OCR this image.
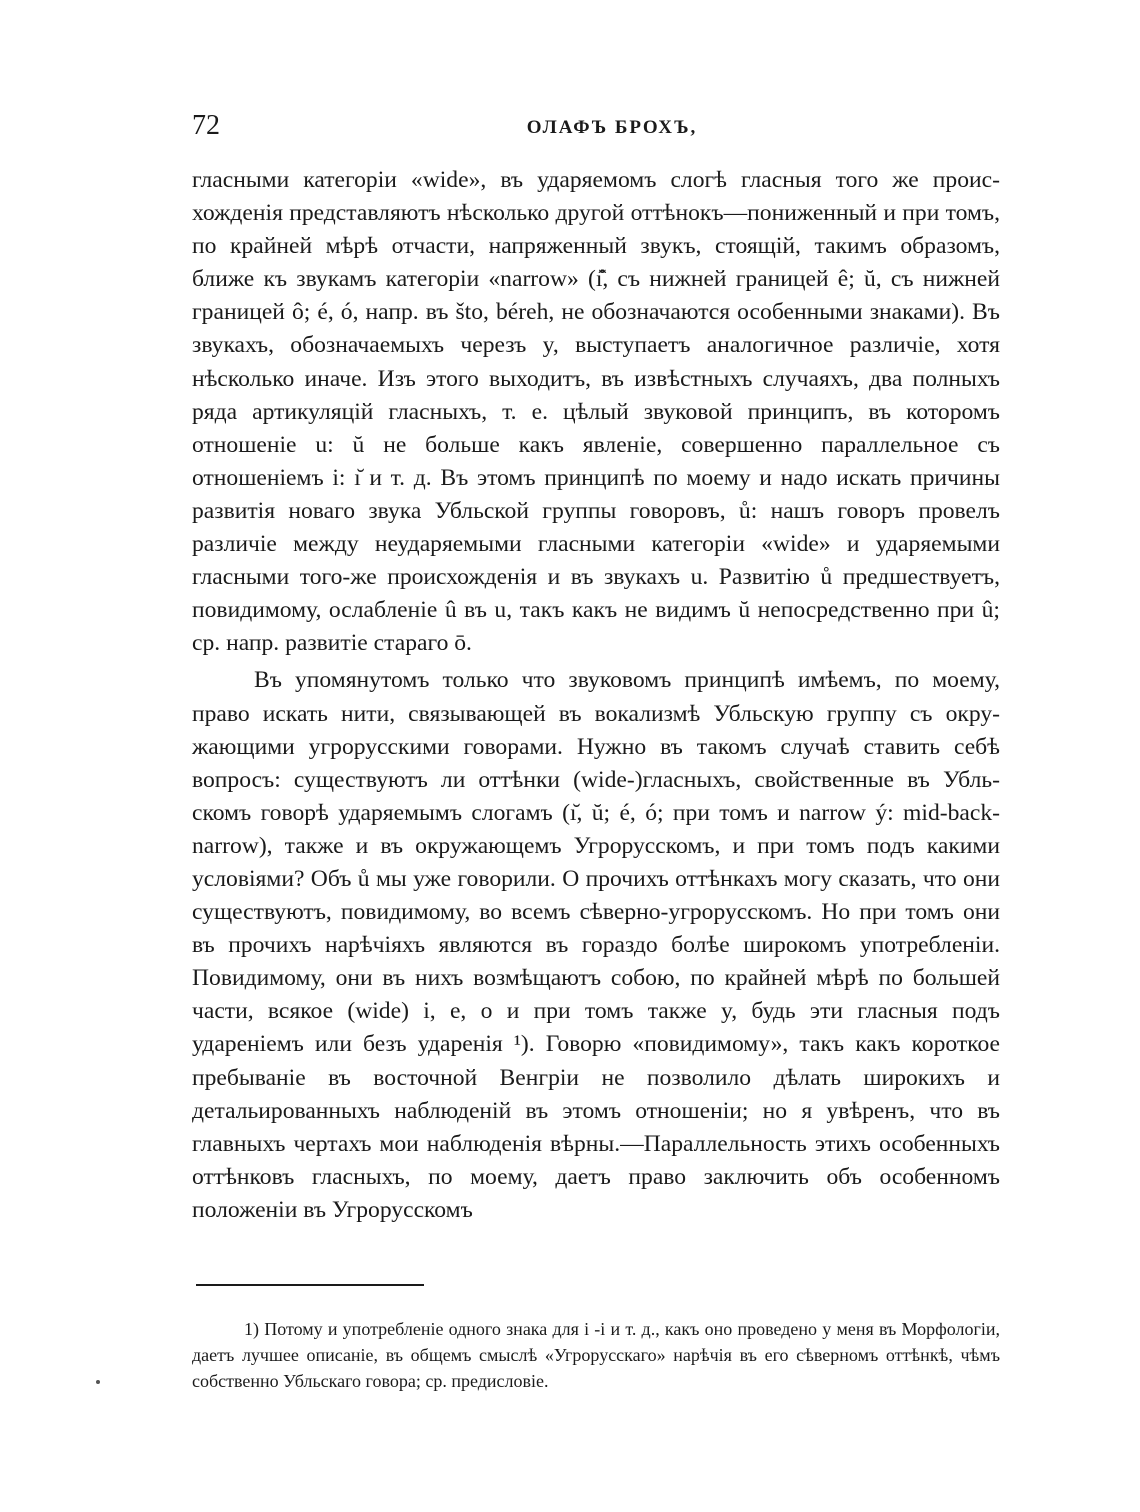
72	ОЛАФЪ БРОХЪ,

гласными категоріи «wide», въ ударяемомъ слогѣ гласныя того же происхожденія представляютъ нѣсколько другой оттѣнокъ—пониженный и при томъ, по крайней мѣрѣ отчасти, напряженный звукъ, стоящій, такимъ образомъ, ближе къ звукамъ категоріи «narrow» (ı̂̆, съ нижней границей ê; ŭ, съ нижней границей ô; é, ó, напр. въ što, bérеh, не обозначаются особенными знаками). Въ звукахъ, обозначаемыхъ черезъ y, выступаетъ аналогичное различіе, хотя нѣсколько иначе. Изъ этого выходитъ, въ извѣстныхъ случаяхъ, два полныхъ ряда артикуляцій гласныхъ, т. е. цѣлый звуковой принципъ, въ которомъ отношеніе u: ŭ не больше какъ явленіе, совершенно параллельное съ отношеніемъ i: ı̆ и т. д. Въ этомъ принципѣ по моему и надо искать причины развитія новаго звука Убльской группы говоровъ, ů: нашъ говоръ провелъ различіе между неударяемыми гласными категоріи «wide» и ударяемыми гласными того-же происхожденія и въ звукахъ u. Развитію ů предшествуетъ, повидимому, ослабленіе û въ u, такъ какъ не видимъ ŭ непосредственно при û; ср. напр. развитіе стараго ō.

Въ упомянутомъ только что звуковомъ принципѣ имѣемъ, по моему, право искать нити, связывающей въ вокализмѣ Убльскую группу съ окружающими угрорусскими говорами. Нужно въ такомъ случаѣ ставить себѣ вопросъ: существуютъ ли оттѣнки (wide-)гласныхъ, свойственные въ Убльскомъ говорѣ ударяемымъ слогамъ (ı̆, ŭ; é, ó; при томъ и narrow ý: mid-back-narrow), также и въ окружающемъ Угрорусскомъ, и при томъ подъ какими условіями? Объ ů мы уже говорили. О прочихъ оттѣнкахъ могу сказать, что они существуютъ, повидимому, во всемъ сѣверно-угрорусскомъ. Но при томъ они въ прочихъ нарѣчіяхъ являются въ гораздо болѣе широкомъ употребленіи. Повидимому, они въ нихъ возмѣщаютъ собою, по крайней мѣрѣ по большей части, всякое (wide) i, e, o и при томъ также y, будь эти гласныя подъ удареніемъ или безъ ударенія ¹). Говорю «повидимому», такъ какъ короткое пребываніе въ восточной Венгріи не позволило дѣлать широкихъ и детальированныхъ наблюденій въ этомъ отношеніи; но я увѣренъ, что въ главныхъ чертахъ мои наблюденія вѣрны.—Параллельность этихъ особенныхъ оттѣнковъ гласныхъ, по моему, даетъ право заключить объ особенномъ положеніи въ Угрорусскомъ

1) Потому и употребленіе одного знака для i -i и т. д., какъ оно проведено у меня въ Морфологіи, даетъ лучшее описаніе, въ общемъ смыслѣ «Угрорусскаго» нарѣчія въ его сѣверномъ оттѣнкѣ, чѣмъ собственно Убльскаго говора; ср. предисловіе.
